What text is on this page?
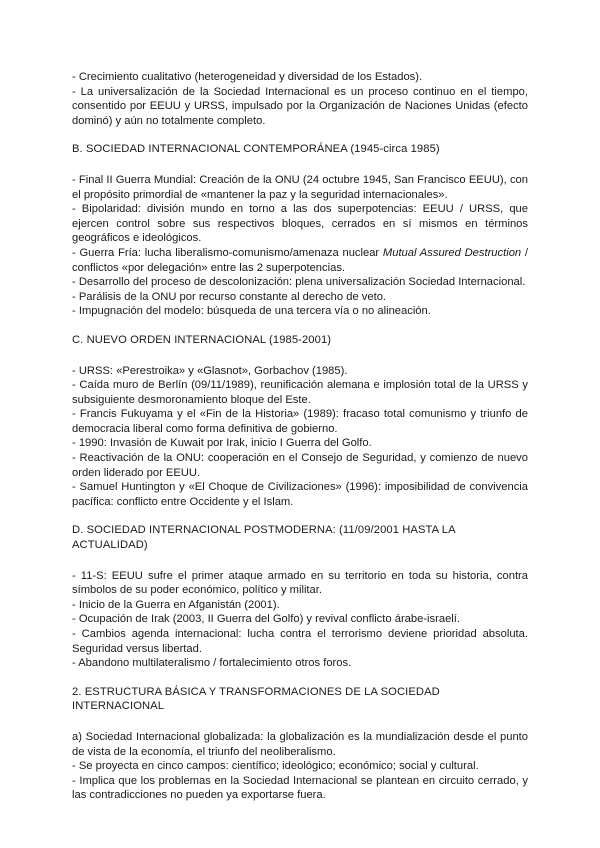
- Crecimiento cualitativo (heterogeneidad y diversidad de los Estados).

- La universalización de la Sociedad Internacional es un proceso continuo en el tiempo, consentido por EEUU y URSS, impulsado por la Organización de Naciones Unidas (efecto dominó) y aún no totalmente completo.

B. SOCIEDAD INTERNACIONAL CONTEMPORÁNEA (1945-circa 1985)

- Final II Guerra Mundial: Creación de la ONU (24 octubre 1945, San Francisco EEUU), con el propósito primordial de «mantener la paz y la seguridad internacionales».

- Bipolaridad: división mundo en torno a las dos superpotencias: EEUU / URSS, que ejercen control sobre sus respectivos bloques, cerrados en sí mismos en términos geográficos e ideológicos.

- Guerra Fría: lucha liberalismo-comunismo/amenaza nuclear Mutual Assured Destruction / conflictos «por delegación» entre las 2 superpotencias.

- Desarrollo del proceso de descolonización: plena universalización Sociedad Internacional.

- Parálisis de la ONU por recurso constante al derecho de veto.

- Impugnación del modelo: búsqueda de una tercera vía o no alineación.

C. NUEVO ORDEN INTERNACIONAL (1985-2001)

- URSS: «Perestroika» y «Glasnot», Gorbachov (1985).

- Caída muro de Berlín (09/11/1989), reunificación alemana e implosión total de la URSS y subsiguiente desmoronamiento bloque del Este.

- Francis Fukuyama y el «Fin de la Historia» (1989): fracaso total comunismo y triunfo de democracia liberal como forma definitiva de gobierno.

- 1990: Invasión de Kuwait por Irak, inicio I Guerra del Golfo.

- Reactivación de la ONU: cooperación en el Consejo de Seguridad, y comienzo de nuevo orden liderado por EEUU.

- Samuel Huntington y «El Choque de Civilizaciones» (1996): imposibilidad de convivencia pacífica: conflicto entre Occidente y el Islam.

D. SOCIEDAD INTERNACIONAL POSTMODERNA: (11/09/2001 HASTA LA ACTUALIDAD)

- 11-S: EEUU sufre el primer ataque armado en su territorio en toda su historia, contra símbolos de su poder económico, político y militar.

- Inicio de la Guerra en Afganistán (2001).

- Ocupación de Irak (2003, II Guerra del Golfo) y revival conflicto árabe-israelí.

- Cambios agenda internacional: lucha contra el terrorismo deviene prioridad absoluta. Seguridad versus libertad.

- Abandono multilateralismo / fortalecimiento otros foros.

2. ESTRUCTURA BÁSICA Y TRANSFORMACIONES DE LA SOCIEDAD INTERNACIONAL

a) Sociedad Internacional globalizada: la globalización es la mundialización desde el punto de vista de la economía, el triunfo del neoliberalismo.

- Se proyecta en cinco campos: científico; ideológico; económico; social y cultural.

- Implica que los problemas en la Sociedad Internacional se plantean en circuito cerrado, y las contradicciones no pueden ya exportarse fuera.
